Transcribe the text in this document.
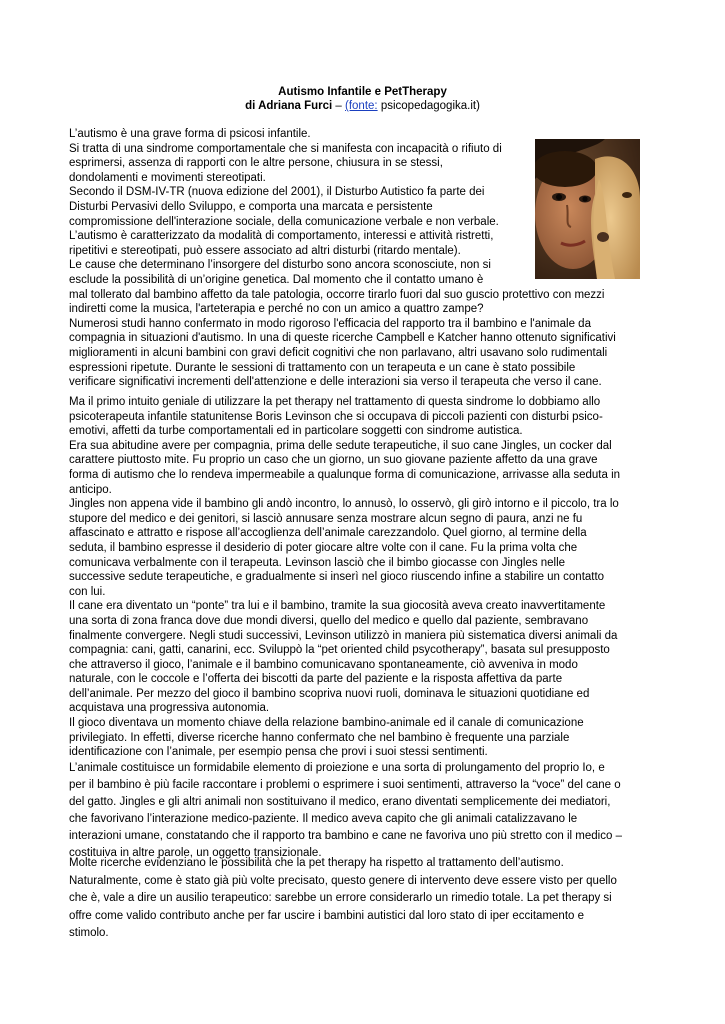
Autismo Infantile e PetTherapy
di Adriana Furci – (fonte: psicopedagogika.it)

L’autismo è una grave forma di psicosi infantile.
Si tratta di una sindrome comportamentale che si manifesta con incapacità o rifiuto di
esprimersi, assenza di rapporti con le altre persone, chiusura in se stessi,
dondolamenti e movimenti stereotipati.
Secondo il DSM-IV-TR (nuova edizione del 2001), il Disturbo Autistico fa parte dei
Disturbi Pervasivi dello Sviluppo, e comporta una marcata e persistente
compromissione dell'interazione sociale, della comunicazione verbale e non verbale.
L’autismo è caratterizzato da modalità di comportamento, interessi e attività ristretti,
ripetitivi e stereotipati, può essere associato ad altri disturbi (ritardo mentale).
Le cause che determinano l’insorgere del disturbo sono ancora sconosciute, non si
esclude la possibilità di un’origine genetica. Dal momento che il contatto umano è
mal tollerato dal bambino affetto da tale patologia, occorre tirarlo fuori dal suo guscio protettivo con mezzi
indiretti come la musica, l'arteterapia e perché no con un amico a quattro zampe?
Numerosi studi hanno confermato in modo rigoroso l'efficacia del rapporto tra il bambino e l'animale da
compagnia in situazioni d'autismo. In una di queste ricerche Campbell e Katcher hanno ottenuto significativi
miglioramenti in alcuni bambini con gravi deficit cognitivi che non parlavano, altri usavano solo rudimentali
espressioni ripetute. Durante le sessioni di trattamento con un terapeuta e un cane è stato possibile
verificare significativi incrementi dell'attenzione e delle interazioni sia verso il terapeuta che verso il cane.

Ma il primo intuito geniale di utilizzare la pet therapy nel trattamento di questa sindrome lo dobbiamo allo
psicoterapeuta infantile statunitense Boris Levinson che si occupava di piccoli pazienti con disturbi psico-
emotivi, affetti da turbe comportamentali ed in particolare soggetti con sindrome autistica.
Era sua abitudine avere per compagnia, prima delle sedute terapeutiche, il suo cane Jingles, un cocker dal
carattere piuttosto mite. Fu proprio un caso che un giorno, un suo giovane paziente affetto da una grave
forma di autismo che lo rendeva impermeabile a qualunque forma di comunicazione, arrivasse alla seduta in
anticipo.
Jingles non appena vide il bambino gli andò incontro, lo annusò, lo osservò, gli girò intorno e il piccolo, tra lo
stupore del medico e dei genitori, si lasciò annusare senza mostrare alcun segno di paura, anzi ne fu
affascinato e attratto e rispose all’accoglienza dell’animale carezzandolo. Quel giorno, al termine della
seduta, il bambino espresse il desiderio di poter giocare altre volte con il cane. Fu la prima volta che
comunicava verbalmente con il terapeuta. Levinson lasciò che il bimbo giocasse con Jingles nelle
successive sedute terapeutiche, e gradualmente si inserì nel gioco riuscendo infine a stabilire un contatto
con lui.
Il cane era diventato un “ponte” tra lui e il bambino, tramite la sua giocosità aveva creato inavvertitamente
una sorta di zona franca dove due mondi diversi, quello del medico e quello dal paziente, sembravano
finalmente convergere. Negli studi successivi, Levinson utilizzò in maniera più sistematica diversi animali da
compagnia: cani, gatti, canarini, ecc. Sviluppò la “pet oriented child psycotherapy”, basata sul presupposto
che attraverso il gioco, l’animale e il bambino comunicavano spontaneamente, ciò avveniva in modo
naturale, con le coccole e l’offerta dei biscotti da parte del paziente e la risposta affettiva da parte
dell’animale. Per mezzo del gioco il bambino scopriva nuovi ruoli, dominava le situazioni quotidiane ed
acquistava una progressiva autonomia.
Il gioco diventava un momento chiave della relazione bambino-animale ed il canale di comunicazione
privilegiato. In effetti, diverse ricerche hanno confermato che nel bambino è frequente una parziale
identificazione con l’animale, per esempio pensa che provi i suoi stessi sentimenti.
L’animale costituisce un formidabile elemento di proiezione e una sorta di prolungamento del proprio Io, e
per il bambino è più facile raccontare i problemi o esprimere i suoi sentimenti, attraverso la “voce” del cane o
del gatto. Jingles e gli altri animali non sostituivano il medico, erano diventati semplicemente dei mediatori,
che favorivano l’interazione medico-paziente. Il medico aveva capito che gli animali catalizzavano le
interazioni umane, constatando che il rapporto tra bambino e cane ne favoriva uno più stretto con il medico –
costituiva in altre parole, un oggetto transizionale.

Molte ricerche evidenziano le possibilità che la pet therapy ha rispetto al trattamento dell’autismo.
Naturalmente, come è stato già più volte precisato, questo genere di intervento deve essere visto per quello
che è, vale a dire un ausilio terapeutico: sarebbe un errore considerarlo un rimedio totale. La pet therapy si
offre come valido contributo anche per far uscire i bambini autistici dal loro stato di iper eccitamento e
stimolo.
